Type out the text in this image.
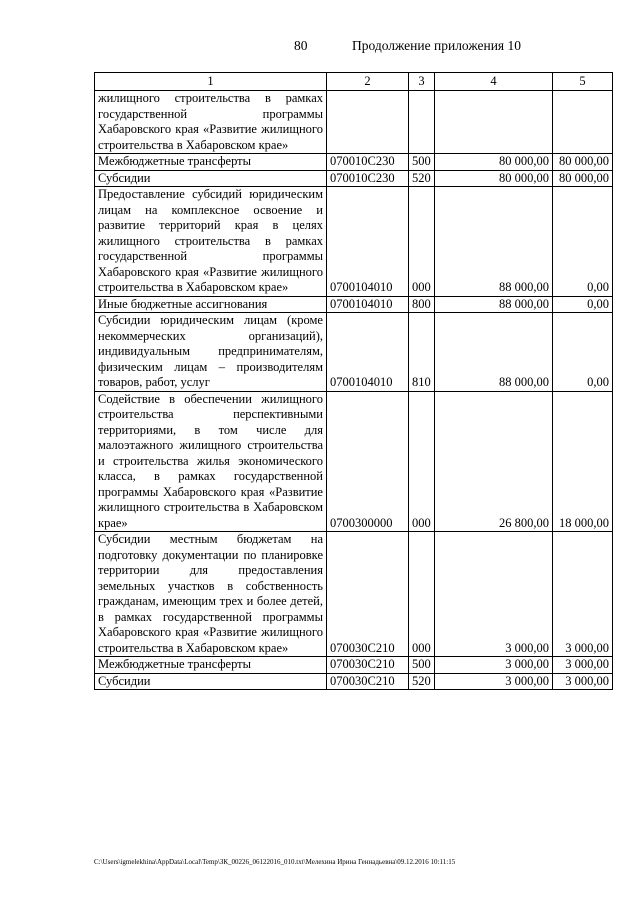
80	Продолжение приложения 10
1	2	3	4	5
жилищного строительства в рамках государственной программы Хабаровского края «Развитие жилищного строительства в Хабаровском крае»				
Межбюджетные трансферты	070010С230	500	80 000,00	80 000,00
Субсидии	070010С230	520	80 000,00	80 000,00
Предоставление субсидий юридическим лицам на комплексное освоение и развитие территорий края в целях жилищного строительства в рамках государственной программы Хабаровского края «Развитие жилищного строительства в Хабаровском крае»	0700104010	000	88 000,00	0,00
Иные бюджетные ассигнования	0700104010	800	88 000,00	0,00
Субсидии юридическим лицам (кроме некоммерческих организаций), индивидуальным предпринимателям, физическим лицам – производителям товаров, работ, услуг	0700104010	810	88 000,00	0,00
Содействие в обеспечении жилищного строительства перспективными территориями, в том числе для малоэтажного жилищного строительства и строительства жилья экономического класса, в рамках государственной программы Хабаровского края «Развитие жилищного строительства в Хабаровском крае»	0700300000	000	26 800,00	18 000,00
Субсидии местным бюджетам на подготовку документации по планировке территории для предоставления земельных участков в собственность гражданам, имеющим трех и более детей, в рамках государственной программы Хабаровского края «Развитие жилищного строительства в Хабаровском крае»	070030С210	000	3 000,00	3 000,00
Межбюджетные трансферты	070030С210	500	3 000,00	3 000,00
Субсидии	070030С210	520	3 000,00	3 000,00
C:\Users\igmelekhina\AppData\Local\Temp\ЗК_00226_06122016_010.txt\Мелехина Ирина Геннадьевна\09.12.2016 10:11:15
